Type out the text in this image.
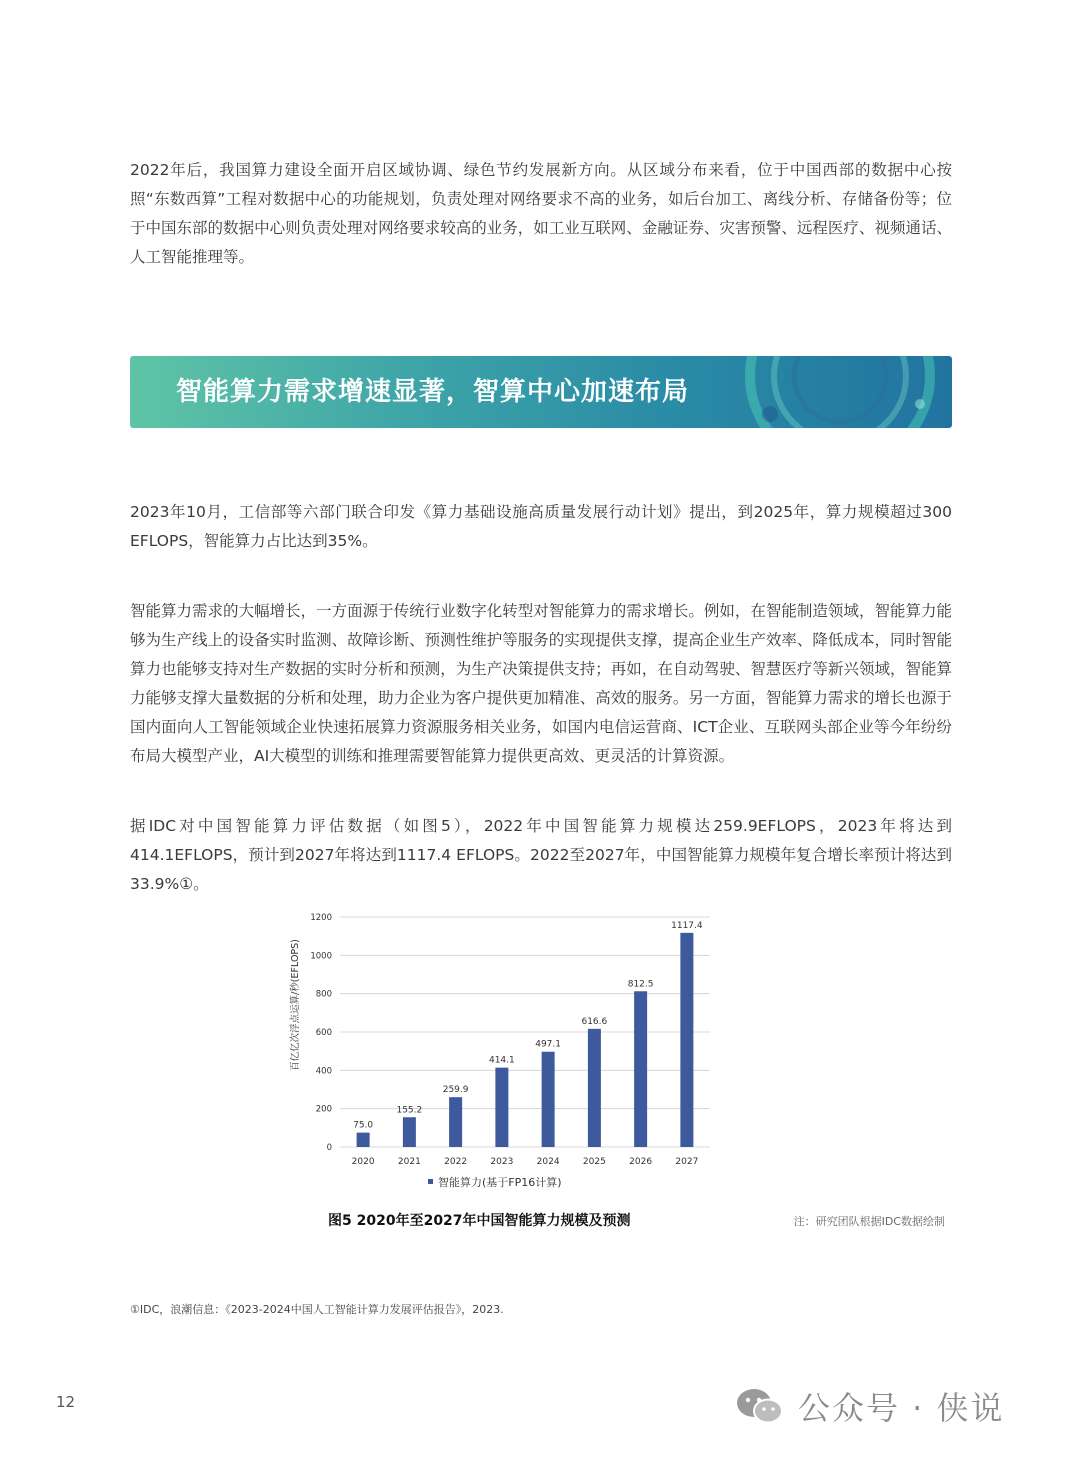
2022年后，我国算力建设全面开启区域协调、绿色节约发展新方向。从区域分布来看，位于中国西部的数据中心按照“东数西算”工程对数据中心的功能规划，负责处理对网络要求不高的业务，如后台加工、离线分析、存储备份等；位于中国东部的数据中心则负责处理对网络要求较高的业务，如工业互联网、金融证券、灾害预警、远程医疗、视频通话、人工智能推理等。

智能算力需求增速显著，智算中心加速布局

2023年10月，工信部等六部门联合印发《算力基础设施高质量发展行动计划》提出，到2025年，算力规模超过300 EFLOPS，智能算力占比达到35%。

智能算力需求的大幅增长，一方面源于传统行业数字化转型对智能算力的需求增长。例如，在智能制造领域，智能算力能够为生产线上的设备实时监测、故障诊断、预测性维护等服务的实现提供支撑，提高企业生产效率、降低成本，同时智能算力也能够支持对生产数据的实时分析和预测，为生产决策提供支持；再如，在自动驾驶、智慧医疗等新兴领域，智能算力能够支撑大量数据的分析和处理，助力企业为客户提供更加精准、高效的服务。另一方面，智能算力需求的增长也源于国内面向人工智能领域企业快速拓展算力资源服务相关业务，如国内电信运营商、ICT企业、互联网头部企业等今年纷纷布局大模型产业，AI大模型的训练和推理需要智能算力提供更高效、更灵活的计算资源。

据IDC对中国智能算力评估数据（如图5），2022年中国智能算力规模达259.9EFLOPS，2023年将达到414.1EFLOPS，预计到2027年将达到1117.4 EFLOPS。2022至2027年，中国智能算力规模年复合增长率预计将达到33.9%①。

0
200
400
600
800
1000
1200
75.0
155.2
259.9
414.1
497.1
616.6
812.5
1117.4
2020	2021	2022	2023	2024	2025	2026	2027
百亿亿次浮点运算/秒(EFLOPS)
智能算力(基于FP16计算)
图5 2020年至2027年中国智能算力规模及预测	注：研究团队根据IDC数据绘制
①IDC，浪潮信息：《2023-2024中国人工智能计算力发展评估报告》，2023.
12	公众号 · 侠说
